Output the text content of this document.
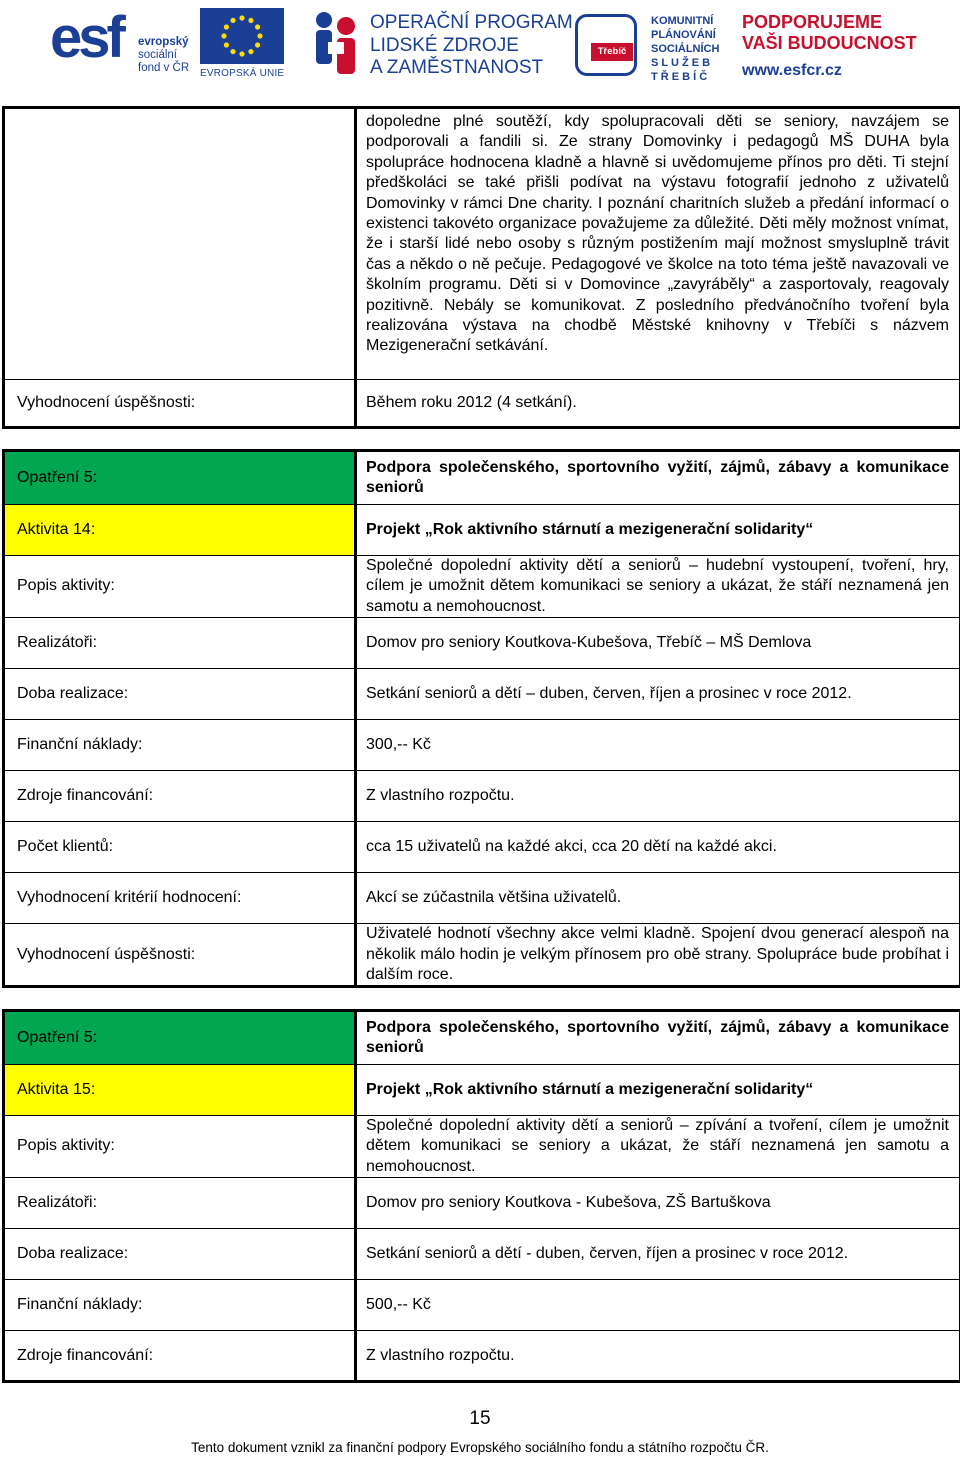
esf evropský
sociální
fond v ČR EVROPSKÁ UNIE
OPERAČNÍ PROGRAM
LIDSKÉ ZDROJE
A ZAMĚSTNANOST
Třebíč
KOMUNITNÍ
PLÁNOVÁNÍ
SOCIÁLNÍCH
S L U Ž E B
T Ř E B Í Č
PODPORUJEME
VAŠI BUDOUCNOST
www.esfcr.cz
	dopoledne plné soutěží, kdy spolupracovali děti se seniory, navzájem se podporovali a fandili si. Ze strany Domovinky i pedagogů MŠ DUHA byla spolupráce hodnocena kladně a hlavně si uvědomujeme přínos pro děti. Ti stejní předškoláci se také přišli podívat na výstavu fotografií jednoho z uživatelů Domovinky v rámci Dne charity. I poznání charitních služeb a předání informací o existenci takovéto organizace považujeme za důležité. Děti měly možnost vnímat, že i starší lidé nebo osoby s různým postižením mají možnost smysluplně trávit čas a někdo o ně pečuje. Pedagogové ve školce na toto téma ještě navazovali ve školním programu. Děti si v Domovince „zavyráběly“ a zasportovaly, reagovaly pozitivně. Nebály se komunikovat. Z posledního předvánočního tvoření byla realizována výstava na chodbě Městské knihovny v Třebíči s názvem Mezigenerační setkávání.
Vyhodnocení úspěšnosti:	Během roku 2012 (4 setkání).
Opatření 5:	Podpora společenského, sportovního vyžití, zájmů, zábavy a komunikace seniorů
Aktivita 14:	Projekt „Rok aktivního stárnutí a mezigenerační solidarity“
Popis aktivity:	Společné dopolední aktivity dětí a seniorů – hudební vystoupení, tvoření, hry, cílem je umožnit dětem komunikaci se seniory a ukázat, že stáří neznamená jen samotu a nemohoucnost.
Realizátoři:	Domov pro seniory Koutkova-Kubešova, Třebíč – MŠ Demlova
Doba realizace:	Setkání seniorů a dětí – duben, červen, říjen a prosinec v roce 2012.
Finanční náklady:	300,-- Kč
Zdroje financování:	Z vlastního rozpočtu.
Počet klientů:	cca 15 uživatelů na každé akci, cca 20 dětí na každé akci.
Vyhodnocení kritérií hodnocení:	Akcí se zúčastnila většina uživatelů.
Vyhodnocení úspěšnosti:	Uživatelé hodnotí všechny akce velmi kladně. Spojení dvou generací alespoň na několik málo hodin je velkým přínosem pro obě strany. Spolupráce bude probíhat i dalším roce.
Opatření 5:	Podpora společenského, sportovního vyžití, zájmů, zábavy a komunikace seniorů
Aktivita 15:	Projekt „Rok aktivního stárnutí a mezigenerační solidarity“
Popis aktivity:	Společné dopolední aktivity dětí a seniorů – zpívání a tvoření, cílem je umožnit dětem komunikaci se seniory a ukázat, že stáří neznamená jen samotu a nemohoucnost.
Realizátoři:	Domov pro seniory Koutkova - Kubešova, ZŠ Bartuškova
Doba realizace:	Setkání seniorů a dětí - duben, červen, říjen a prosinec v roce 2012.
Finanční náklady:	500,-- Kč
Zdroje financování:	Z vlastního rozpočtu.
15
Tento dokument vznikl za finanční podpory Evropského sociálního fondu a státního rozpočtu ČR.
